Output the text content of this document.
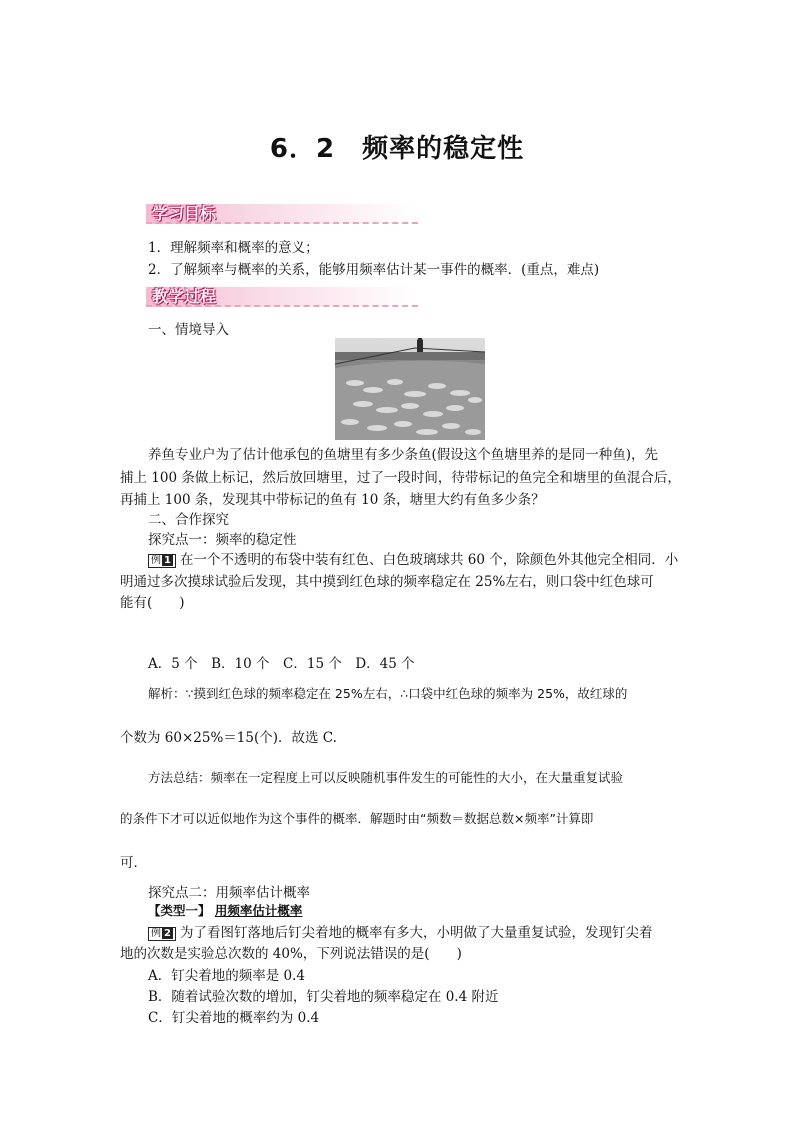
6．2　频率的稳定性
学习目标
1．理解频率和概率的意义；
2．了解频率与概率的关系，能够用频率估计某一事件的概率．(重点，难点)
教学过程
一、情境导入
养鱼专业户为了估计他承包的鱼塘里有多少条鱼(假设这个鱼塘里养的是同一种鱼)，先
捕上 100 条做上标记，然后放回塘里，过了一段时间，待带标记的鱼完全和塘里的鱼混合后，
再捕上 100 条，发现其中带标记的鱼有 10 条，塘里大约有鱼多少条？
二、合作探究
探究点一：频率的稳定性
例 1 在一个不透明的布袋中装有红色、白色玻璃球共 60 个，除颜色外其他完全相同．小
明通过多次摸球试验后发现，其中摸到红色球的频率稳定在 25%左右，则口袋中红色球可
能有(　　)
A．5 个　B．10 个　C．15 个　D．45 个
解析：∵摸到红色球的频率稳定在 25%左右，∴口袋中红色球的频率为 25%，故红球的
个数为 60×25%＝15(个)．故选 C.
方法总结：频率在一定程度上可以反映随机事件发生的可能性的大小，在大量重复试验
的条件下才可以近似地作为这个事件的概率．解题时由“频数＝数据总数×频率”计算即
可．
探究点二：用频率估计概率
【类型一】 用频率估计概率
例 2 为了看图钉落地后钉尖着地的概率有多大，小明做了大量重复试验，发现钉尖着
地的次数是实验总次数的 40%，下列说法错误的是(　　)
A．钉尖着地的频率是 0.4
B．随着试验次数的增加，钉尖着地的频率稳定在 0.4 附近
C．钉尖着地的概率约为 0.4
